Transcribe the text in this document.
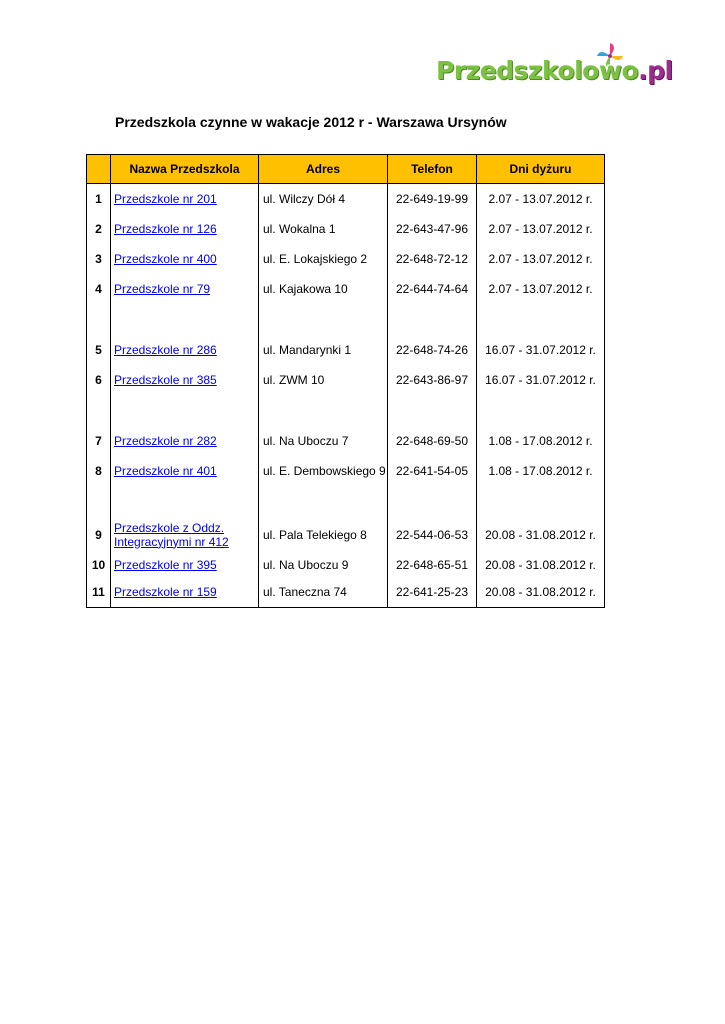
Przedszkolowo.pl
Przedszkola czynne w wakacje 2012 r - Warszawa Ursynów
	Nazwa Przedszkola	Adres	Telefon	Dni dyżuru
1	Przedszkole nr 201	ul. Wilczy Dół 4	22-649-19-99	2.07 - 13.07.2012 r.
2	Przedszkole nr 126	ul. Wokalna 1	22-643-47-96	2.07 - 13.07.2012 r.
3	Przedszkole nr 400	ul. E. Lokajskiego 2	22-648-72-12	2.07 - 13.07.2012 r.
4	Przedszkole nr 79	ul. Kajakowa 10	22-644-74-64	2.07 - 13.07.2012 r.

5	Przedszkole nr 286	ul. Mandarynki 1	22-648-74-26	16.07 - 31.07.2012 r.
6	Przedszkole nr 385	ul. ZWM 10	22-643-86-97	16.07 - 31.07.2012 r.

7	Przedszkole nr 282	ul. Na Uboczu 7	22-648-69-50	1.08 - 17.08.2012 r.
8	Przedszkole nr 401	ul. E. Dembowskiego 9	22-641-54-05	1.08 - 17.08.2012 r.

9	Przedszkole z Oddz.
Integracyjnymi nr 412	ul. Pala Telekiego 8	22-544-06-53	20.08 - 31.08.2012 r.
10	Przedszkole nr 395	ul. Na Uboczu 9	22-648-65-51	20.08 - 31.08.2012 r.
11	Przedszkole nr 159	ul. Taneczna 74	22-641-25-23	20.08 - 31.08.2012 r.
